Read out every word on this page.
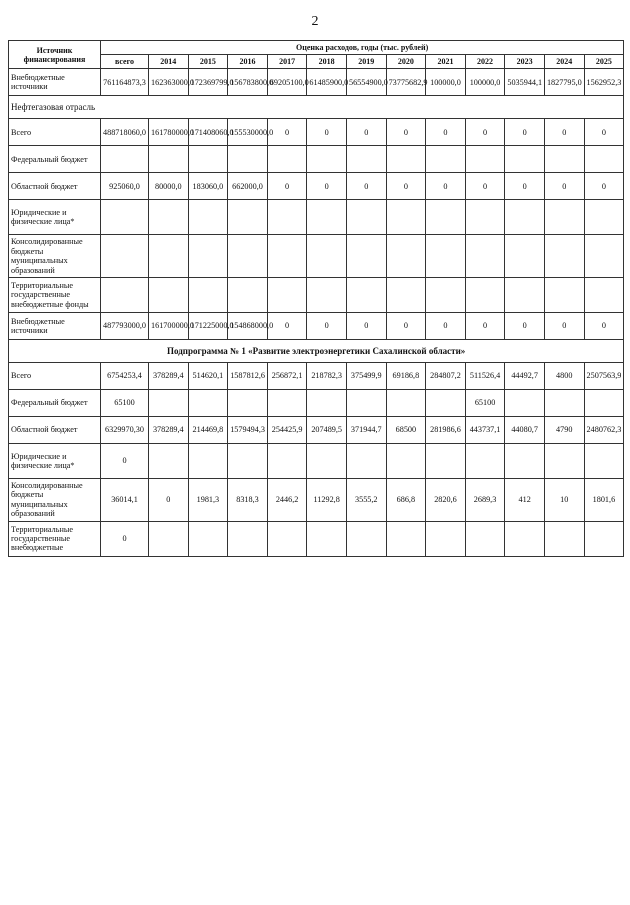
2
Источник финансирования	Оценка расходов, годы (тыс. рублей)												
	всего	2014	2015	2016	2017	2018	2019	2020	2021	2022	2023	2024	2025
Внебюджетные источники	761164873,3	162363000,0	172369799,0	156783800,0	69205100,0	61485900,0	56554900,0	73775682,9	100000,0	100000,0	5035944,1	1827795,0	1562952,3
Нефтегазовая отрасль													
Всего	488718060,0	161780000,0	171408060,0	155530000,0	0	0	0	0	0	0	0	0	0
Федеральный бюджет													
Областной бюджет	925060,0	80000,0	183060,0	662000,0	0	0	0	0	0	0	0	0	0
Юридические и физические лица*													
Консолидированные бюджеты муниципальных образований													
Территориальные государственные внебюджетные фонды													
Внебюджетные источники	487793000,0	161700000,0	171225000,0	154868000,0	0	0	0	0	0	0	0	0	0
Подпрограмма № 1 «Развитие электроэнергетики Сахалинской области»													
Всего	6754253,4	378289,4	514620,1	1587812,6	256872,1	218782,3	375499,9	69186,8	284807,2	511526,4	44492,7	4800	2507563,9
Федеральный бюджет	65100									65100			
Областной бюджет	6329970,30	378289,4	214469,8	1579494,3	254425,9	207489,5	371944,7	68500	281986,6	443737,1	44080,7	4790	2480762,3
Юридические и физические лица*	0												
Консолидированные бюджеты муниципальных образований	36014,1	0	1981,3	8318,3	2446,2	11292,8	3555,2	686,8	2820,6	2689,3	412	10	1801,6
Территориальные государственные внебюджетные	0												
